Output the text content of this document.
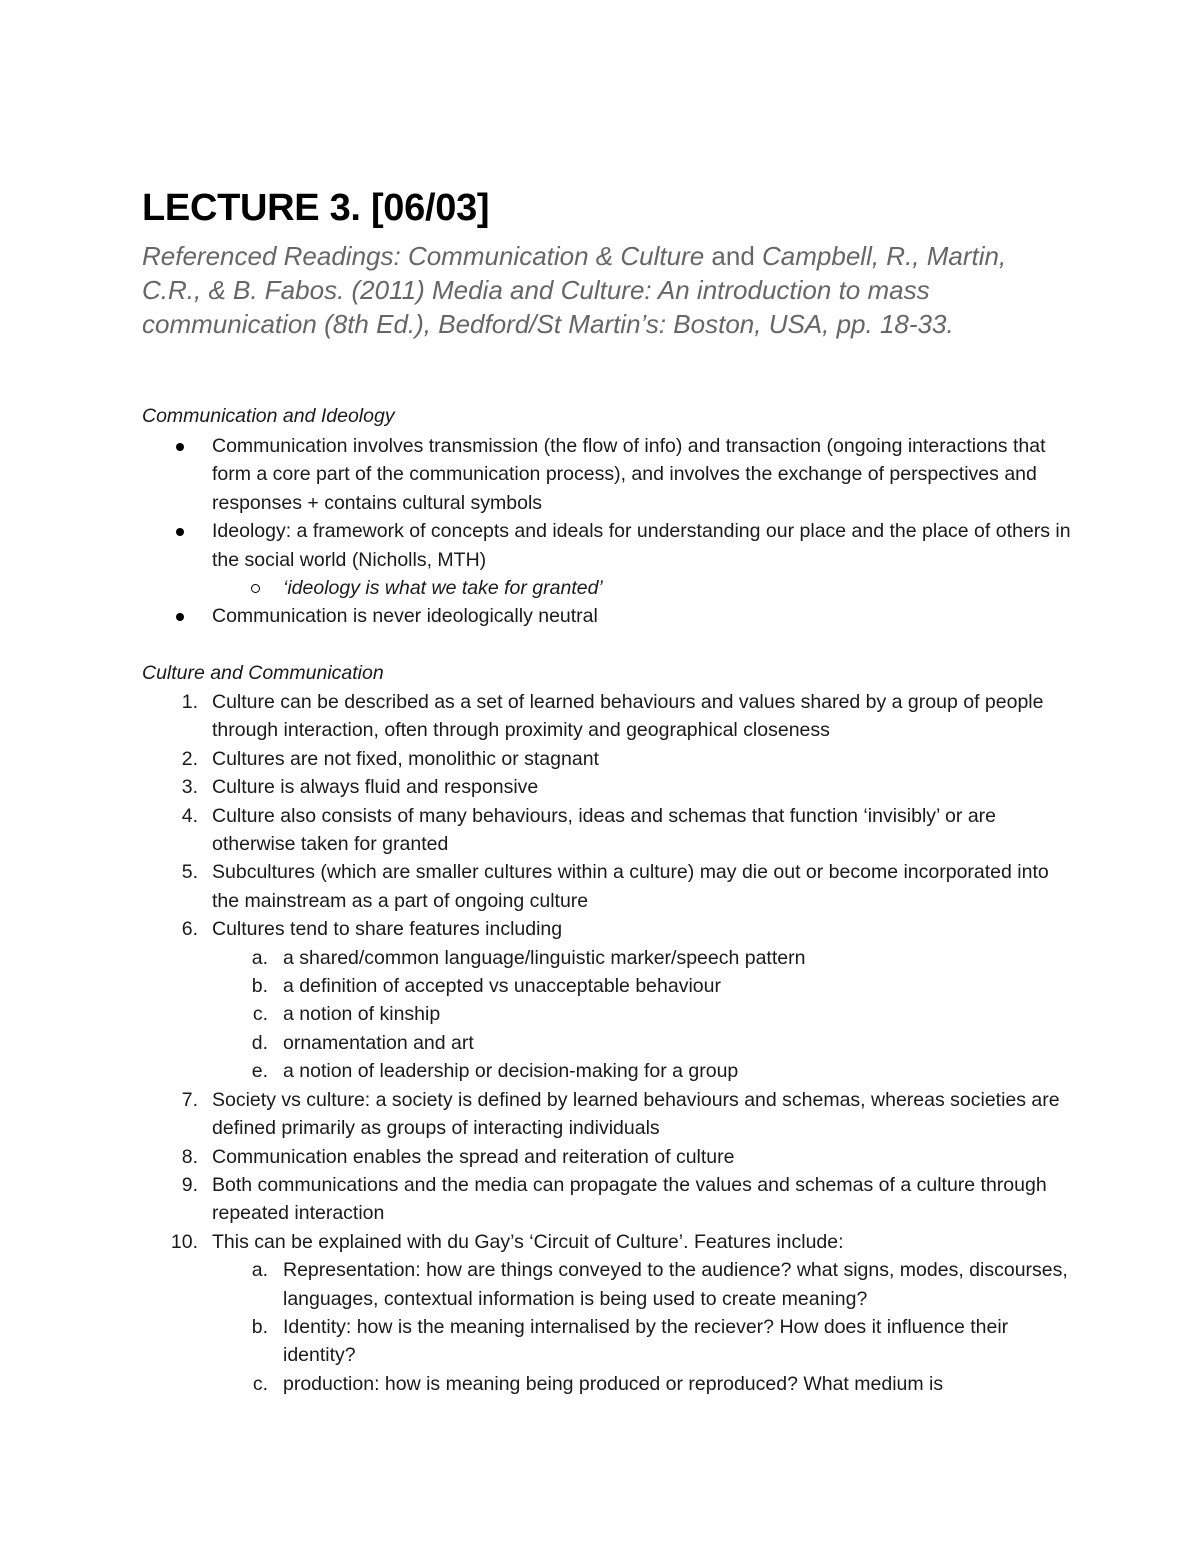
LECTURE 3. [06/03]

Referenced Readings: Communication & Culture and Campbell, R., Martin, C.R., & B. Fabos. (2011) Media and Culture: An introduction to mass communication (8th Ed.), Bedford/St Martin’s: Boston, USA, pp. 18-33.

Communication and Ideology

Communication involves transmission (the flow of info) and transaction (ongoing interactions that form a core part of the communication process), and involves the exchange of perspectives and responses + contains cultural symbols
Ideology: a framework of concepts and ideals for understanding our place and the place of others in the social world (Nicholls, MTH)
‘ideology is what we take for granted’
Communication is never ideologically neutral

Culture and Communication

1. Culture can be described as a set of learned behaviours and values shared by a group of people through interaction, often through proximity and geographical closeness
2. Cultures are not fixed, monolithic or stagnant
3. Culture is always fluid and responsive
4. Culture also consists of many behaviours, ideas and schemas that function ‘invisibly’ or are otherwise taken for granted
5. Subcultures (which are smaller cultures within a culture) may die out or become incorporated into the mainstream as a part of ongoing culture
6. Cultures tend to share features including
a. a shared/common language/linguistic marker/speech pattern
b. a definition of accepted vs unacceptable behaviour
c. a notion of kinship
d. ornamentation and art
e. a notion of leadership or decision-making for a group
7. Society vs culture: a society is defined by learned behaviours and schemas, whereas societies are defined primarily as groups of interacting individuals
8. Communication enables the spread and reiteration of culture
9. Both communications and the media can propagate the values and schemas of a culture through repeated interaction
10. This can be explained with du Gay’s ‘Circuit of Culture’. Features include:
a. Representation: how are things conveyed to the audience? what signs, modes, discourses, languages, contextual information is being used to create meaning?
b. Identity: how is the meaning internalised by the reciever? How does it influence their identity?
c. production: how is meaning being produced or reproduced? What medium is
